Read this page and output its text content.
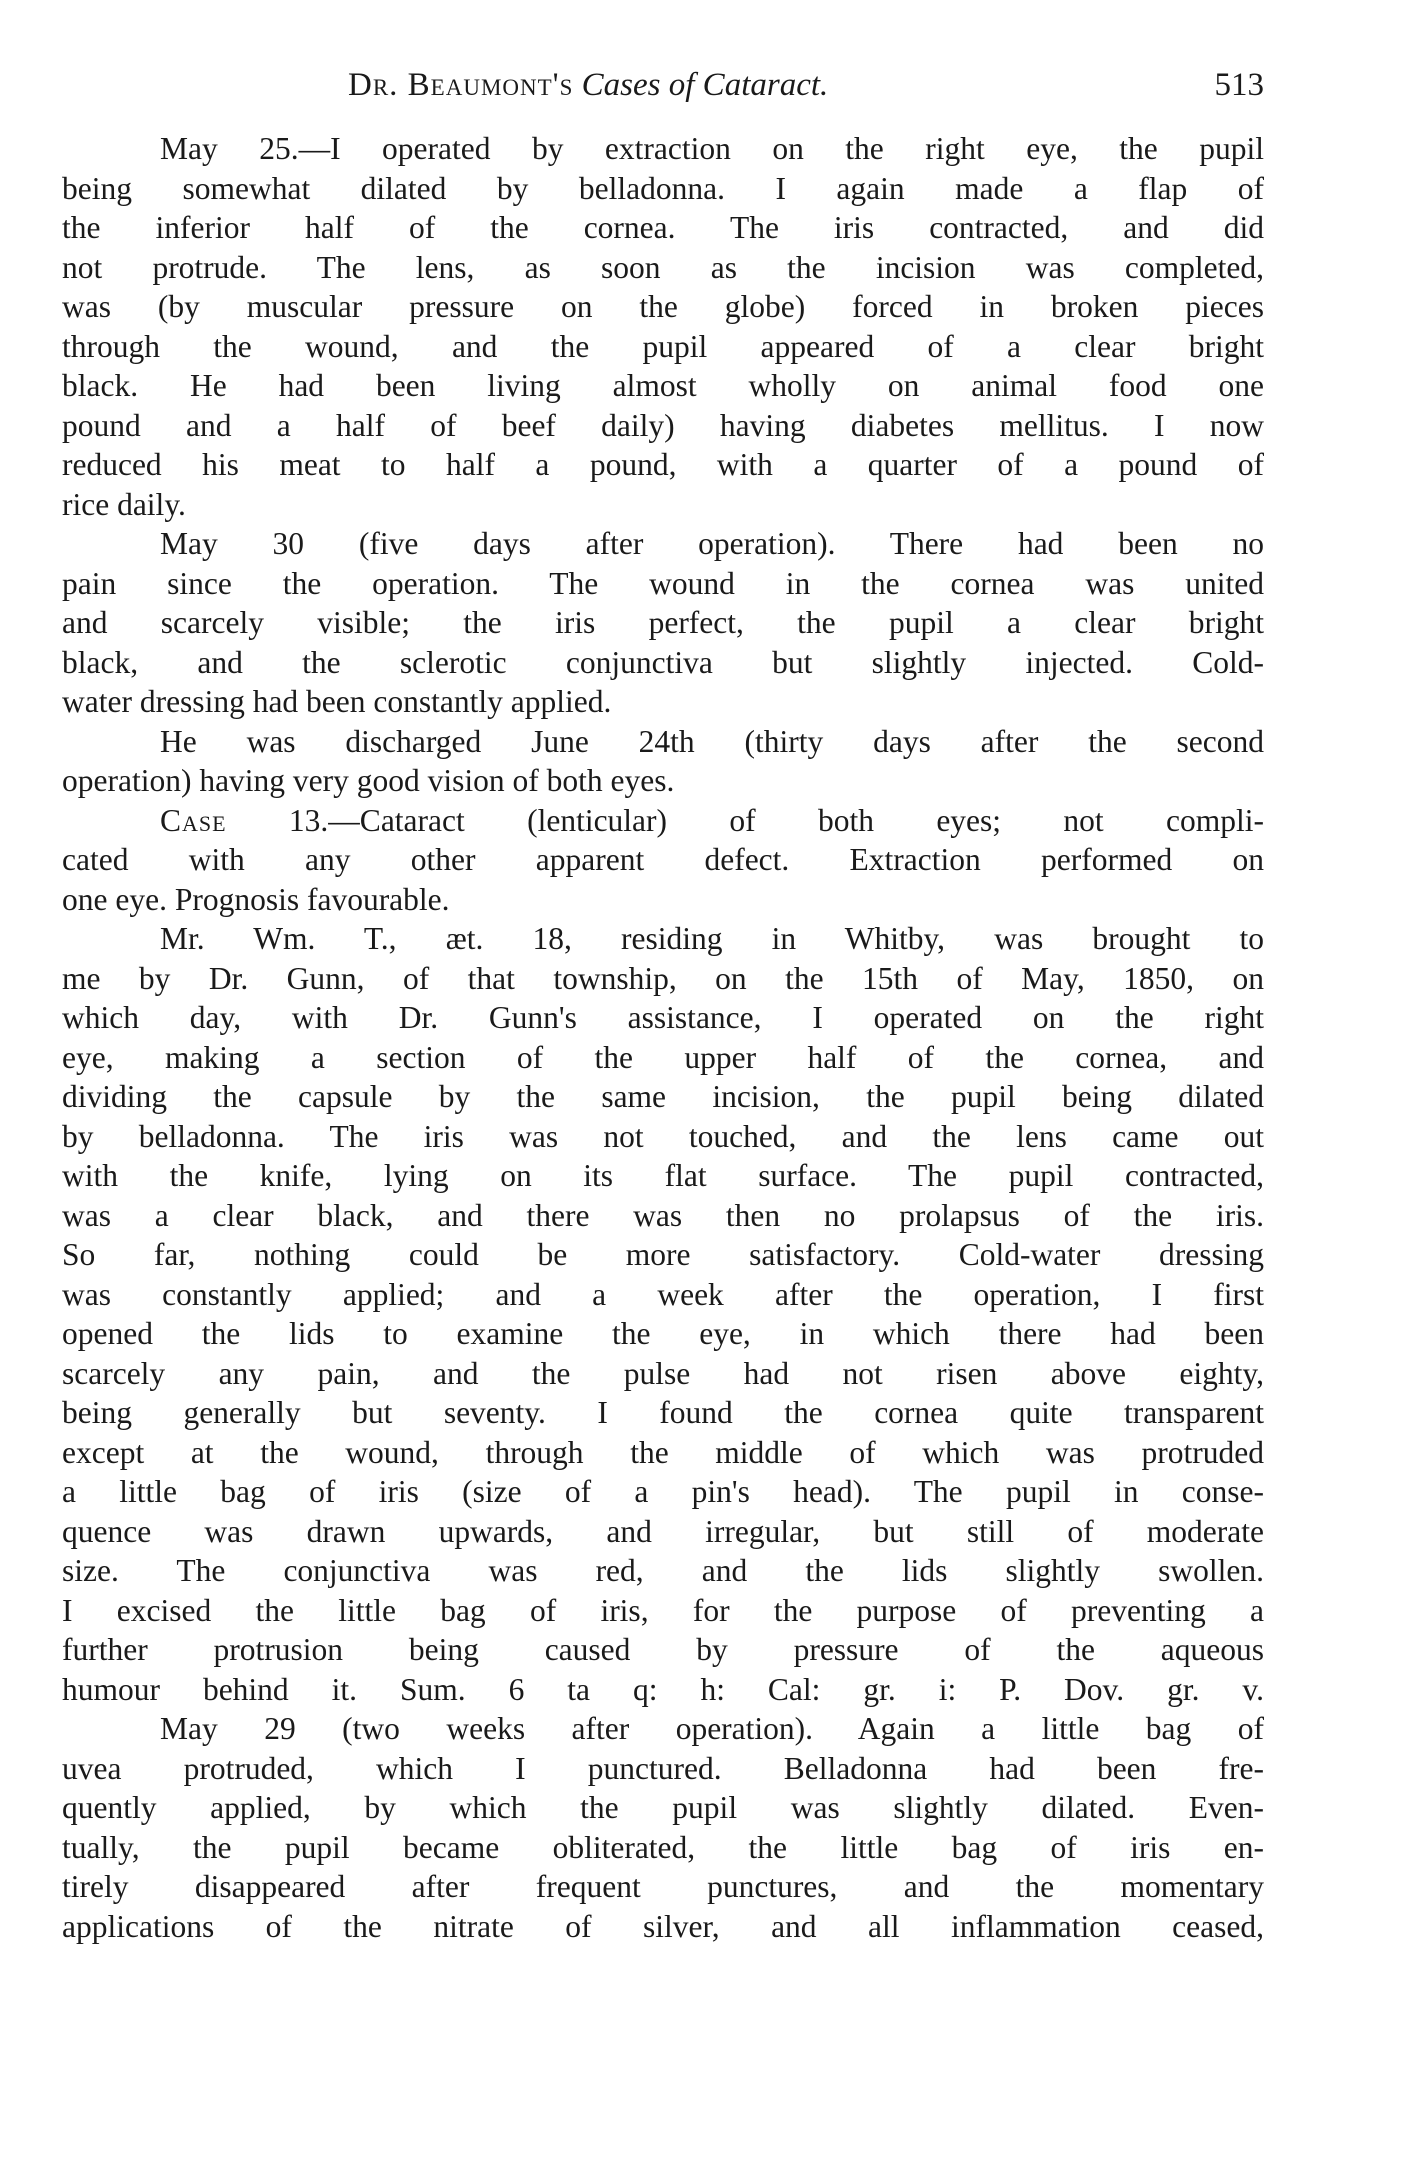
Dr. Beaumont's Cases of Cataract.	513
May 25.—I operated by extraction on the right eye, the pupil
being somewhat dilated by belladonna. I again made a flap of
the inferior half of the cornea. The iris contracted, and did
not protrude. The lens, as soon as the incision was completed,
was (by muscular pressure on the globe) forced in broken pieces
through the wound, and the pupil appeared of a clear bright
black. He had been living almost wholly on animal food one
pound and a half of beef daily) having diabetes mellitus. I now
reduced his meat to half a pound, with a quarter of a pound of
rice daily.
May 30 (five days after operation). There had been no
pain since the operation. The wound in the cornea was united
and scarcely visible; the iris perfect, the pupil a clear bright
black, and the sclerotic conjunctiva but slightly injected. Cold-
water dressing had been constantly applied.
He was discharged June 24th (thirty days after the second
operation) having very good vision of both eyes.
Case 13.—Cataract (lenticular) of both eyes; not compli-
cated with any other apparent defect. Extraction performed on
one eye. Prognosis favourable.
Mr. Wm. T., æt. 18, residing in Whitby, was brought to
me by Dr. Gunn, of that township, on the 15th of May, 1850, on
which day, with Dr. Gunn's assistance, I operated on the right
eye, making a section of the upper half of the cornea, and
dividing the capsule by the same incision, the pupil being dilated
by belladonna. The iris was not touched, and the lens came out
with the knife, lying on its flat surface. The pupil contracted,
was a clear black, and there was then no prolapsus of the iris.
So far, nothing could be more satisfactory. Cold-water dressing
was constantly applied; and a week after the operation, I first
opened the lids to examine the eye, in which there had been
scarcely any pain, and the pulse had not risen above eighty,
being generally but seventy. I found the cornea quite transparent
except at the wound, through the middle of which was protruded
a little bag of iris (size of a pin's head). The pupil in conse-
quence was drawn upwards, and irregular, but still of moderate
size. The conjunctiva was red, and the lids slightly swollen.
I excised the little bag of iris, for the purpose of preventing a
further protrusion being caused by pressure of the aqueous
humour behind it. Sum. 6 ta q: h: Cal: gr. i: P. Dov. gr. v.
May 29 (two weeks after operation). Again a little bag of
uvea protruded, which I punctured. Belladonna had been fre-
quently applied, by which the pupil was slightly dilated. Even-
tually, the pupil became obliterated, the little bag of iris en-
tirely disappeared after frequent punctures, and the momentary
applications of the nitrate of silver, and all inflammation ceased,
